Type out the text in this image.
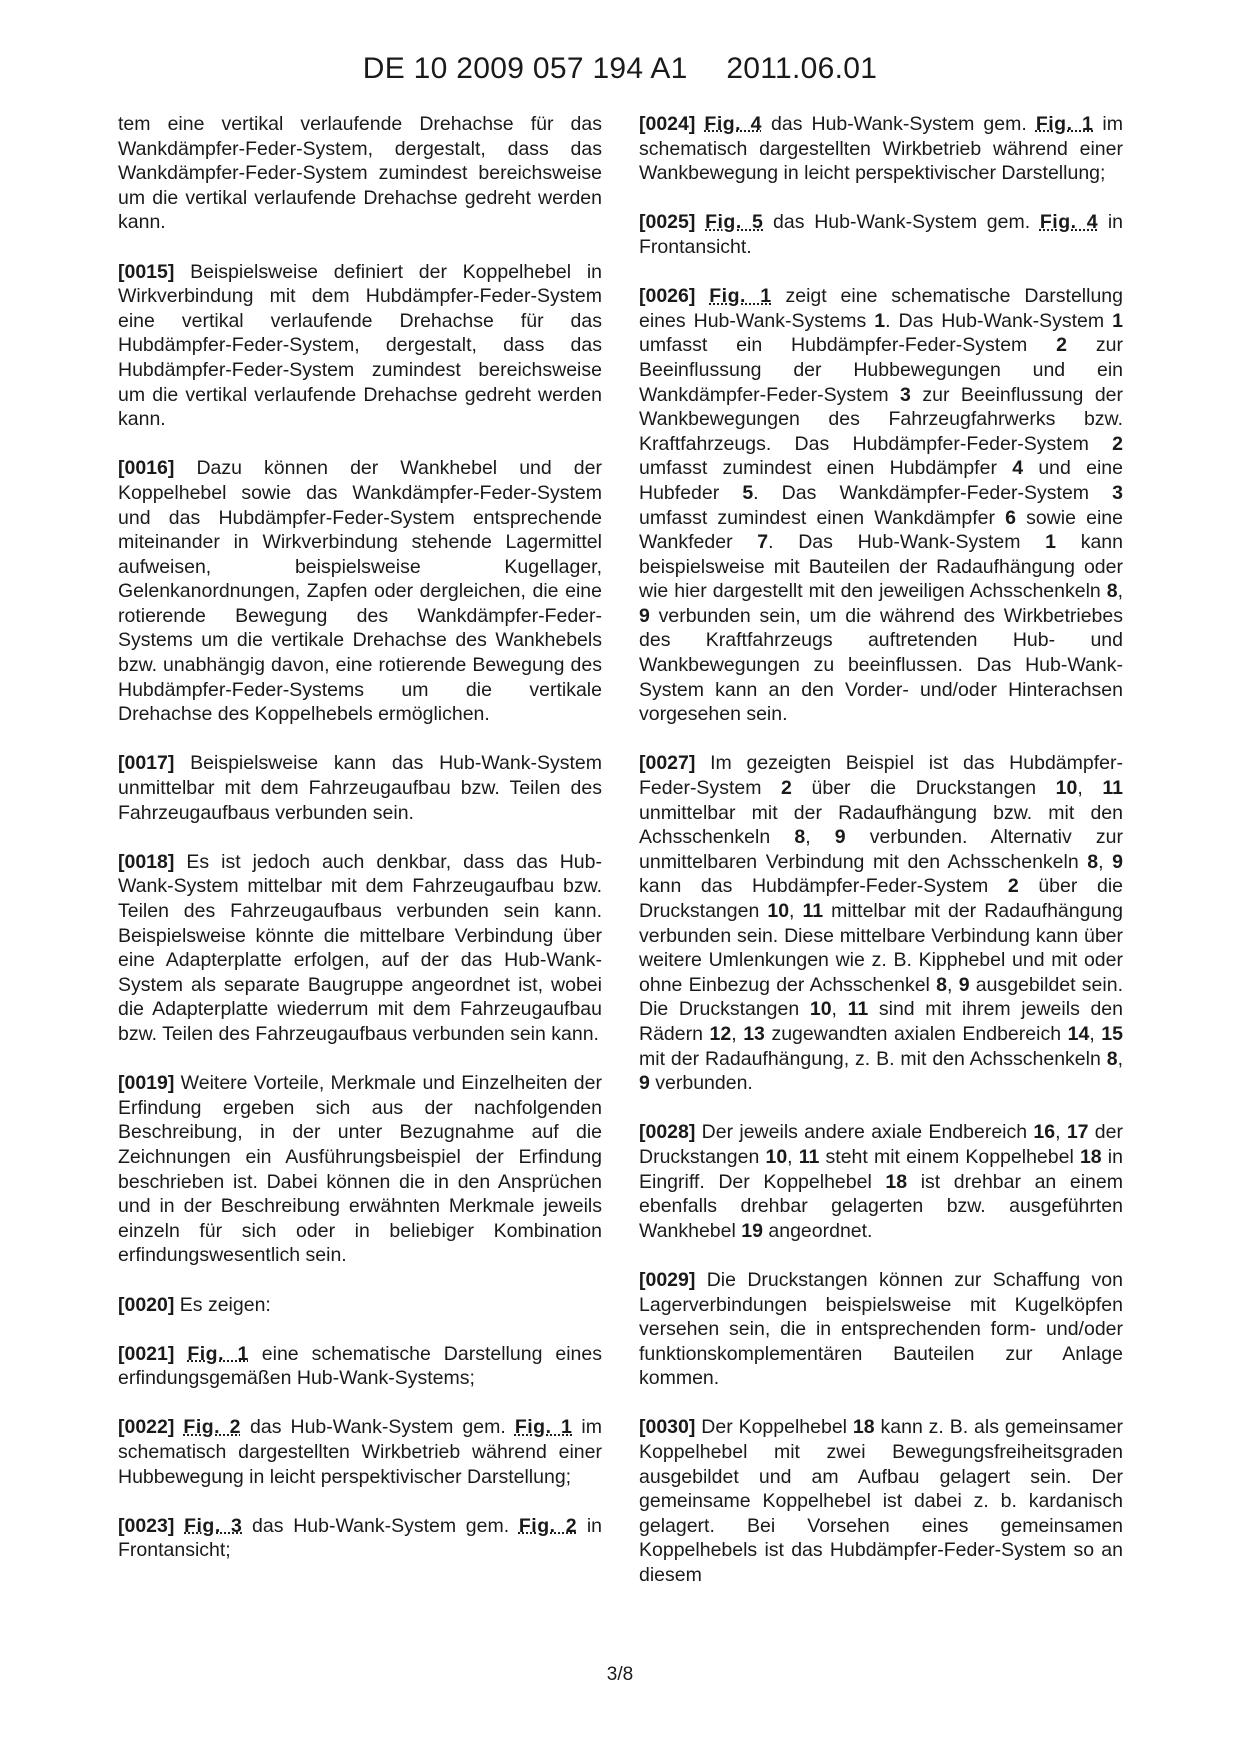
DE 10 2009 057 194 A1 2011.06.01

tem eine vertikal verlaufende Drehachse für das Wankdämpfer-Feder-System, dergestalt, dass das Wankdämpfer-Feder-System zumindest bereichsweise um die vertikal verlaufende Drehachse gedreht werden kann.

[0015] Beispielsweise definiert der Koppelhebel in Wirkverbindung mit dem Hubdämpfer-Feder-System eine vertikal verlaufende Drehachse für das Hubdämpfer-Feder-System, dergestalt, dass das Hubdämpfer-Feder-System zumindest bereichsweise um die vertikal verlaufende Drehachse gedreht werden kann.

[0016] Dazu können der Wankhebel und der Koppelhebel sowie das Wankdämpfer-Feder-System und das Hubdämpfer-Feder-System entsprechende miteinander in Wirkverbindung stehende Lagermittel aufweisen, beispielsweise Kugellager, Gelenkanordnungen, Zapfen oder dergleichen, die eine rotierende Bewegung des Wankdämpfer-Feder-Systems um die vertikale Drehachse des Wankhebels bzw. unabhängig davon, eine rotierende Bewegung des Hubdämpfer-Feder-Systems um die vertikale Drehachse des Koppelhebels ermöglichen.

[0017] Beispielsweise kann das Hub-Wank-System unmittelbar mit dem Fahrzeugaufbau bzw. Teilen des Fahrzeugaufbaus verbunden sein.

[0018] Es ist jedoch auch denkbar, dass das Hub-Wank-System mittelbar mit dem Fahrzeugaufbau bzw. Teilen des Fahrzeugaufbaus verbunden sein kann. Beispielsweise könnte die mittelbare Verbindung über eine Adapterplatte erfolgen, auf der das Hub-Wank-System als separate Baugruppe angeordnet ist, wobei die Adapterplatte wiederrum mit dem Fahrzeugaufbau bzw. Teilen des Fahrzeugaufbaus verbunden sein kann.

[0019] Weitere Vorteile, Merkmale und Einzelheiten der Erfindung ergeben sich aus der nachfolgenden Beschreibung, in der unter Bezugnahme auf die Zeichnungen ein Ausführungsbeispiel der Erfindung beschrieben ist. Dabei können die in den Ansprüchen und in der Beschreibung erwähnten Merkmale jeweils einzeln für sich oder in beliebiger Kombination erfindungswesentlich sein.

[0020] Es zeigen:

[0021] Fig. 1 eine schematische Darstellung eines erfindungsgemäßen Hub-Wank-Systems;

[0022] Fig. 2 das Hub-Wank-System gem. Fig. 1 im schematisch dargestellten Wirkbetrieb während einer Hubbewegung in leicht perspektivischer Darstellung;

[0023] Fig. 3 das Hub-Wank-System gem. Fig. 2 in Frontansicht;

[0024] Fig. 4 das Hub-Wank-System gem. Fig. 1 im schematisch dargestellten Wirkbetrieb während einer Wankbewegung in leicht perspektivischer Darstellung;

[0025] Fig. 5 das Hub-Wank-System gem. Fig. 4 in Frontansicht.

[0026] Fig. 1 zeigt eine schematische Darstellung eines Hub-Wank-Systems 1. Das Hub-Wank-System 1 umfasst ein Hubdämpfer-Feder-System 2 zur Beeinflussung der Hubbewegungen und ein Wankdämpfer-Feder-System 3 zur Beeinflussung der Wankbewegungen des Fahrzeugfahrwerks bzw. Kraftfahrzeugs. Das Hubdämpfer-Feder-System 2 umfasst zumindest einen Hubdämpfer 4 und eine Hubfeder 5. Das Wankdämpfer-Feder-System 3 umfasst zumindest einen Wankdämpfer 6 sowie eine Wankfeder 7. Das Hub-Wank-System 1 kann beispielsweise mit Bauteilen der Radaufhängung oder wie hier dargestellt mit den jeweiligen Achsschenkeln 8, 9 verbunden sein, um die während des Wirkbetriebes des Kraftfahrzeugs auftretenden Hub- und Wankbewegungen zu beeinflussen. Das Hub-Wank-System kann an den Vorder- und/oder Hinterachsen vorgesehen sein.

[0027] Im gezeigten Beispiel ist das Hubdämpfer-Feder-System 2 über die Druckstangen 10, 11 unmittelbar mit der Radaufhängung bzw. mit den Achsschenkeln 8, 9 verbunden. Alternativ zur unmittelbaren Verbindung mit den Achsschenkeln 8, 9 kann das Hubdämpfer-Feder-System 2 über die Druckstangen 10, 11 mittelbar mit der Radaufhängung verbunden sein. Diese mittelbare Verbindung kann über weitere Umlenkungen wie z. B. Kipphebel und mit oder ohne Einbezug der Achsschenkel 8, 9 ausgebildet sein. Die Druckstangen 10, 11 sind mit ihrem jeweils den Rädern 12, 13 zugewandten axialen Endbereich 14, 15 mit der Radaufhängung, z. B. mit den Achsschenkeln 8, 9 verbunden.

[0028] Der jeweils andere axiale Endbereich 16, 17 der Druckstangen 10, 11 steht mit einem Koppelhebel 18 in Eingriff. Der Koppelhebel 18 ist drehbar an einem ebenfalls drehbar gelagerten bzw. ausgeführten Wankhebel 19 angeordnet.

[0029] Die Druckstangen können zur Schaffung von Lagerverbindungen beispielsweise mit Kugelköpfen versehen sein, die in entsprechenden form- und/oder funktionskomplementären Bauteilen zur Anlage kommen.

[0030] Der Koppelhebel 18 kann z. B. als gemeinsamer Koppelhebel mit zwei Bewegungsfreiheitsgraden ausgebildet und am Aufbau gelagert sein. Der gemeinsame Koppelhebel ist dabei z. b. kardanisch gelagert. Bei Vorsehen eines gemeinsamen Koppelhebels ist das Hubdämpfer-Feder-System so an diesem

3/8
